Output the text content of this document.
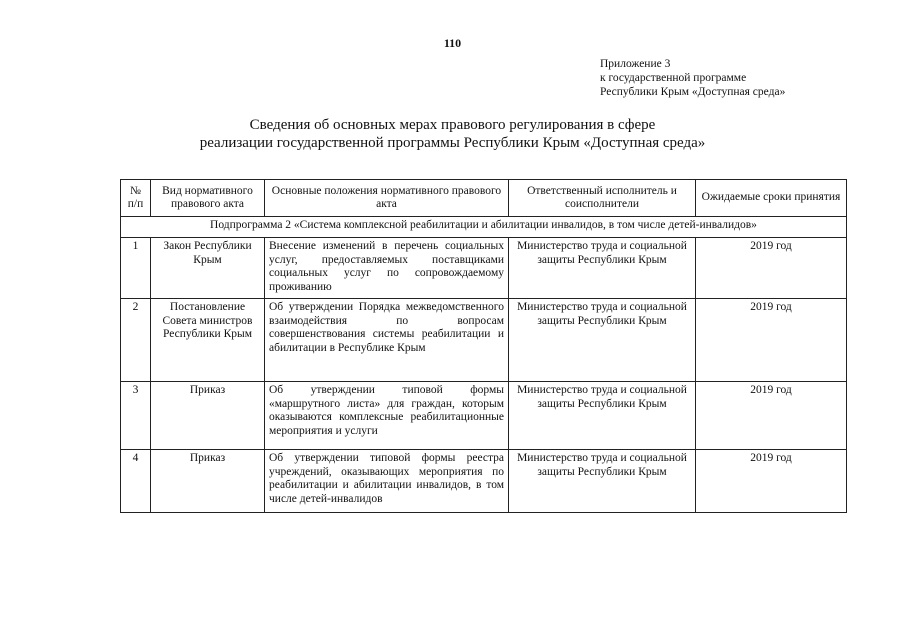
110
Приложение 3
к государственной программе
Республики Крым «Доступная среда»
Сведения об основных мерах правового регулирования в сфере
реализации государственной программы Республики Крым «Доступная среда»
№ п/п	Вид нормативного правового акта	Основные положения нормативного правового акта	Ответственный исполнитель и соисполнители	Ожидаемые сроки принятия
Подпрограмма 2 «Система комплексной реабилитации и абилитации инвалидов, в том числе детей-инвалидов»				
1	Закон Республики Крым	Внесение изменений в перечень социальных услуг, предоставляемых поставщиками социальных услуг по сопровождаемому проживанию	Министерство труда и социальной защиты Республики Крым	2019 год
2	Постановление Совета министров Республики Крым	Об утверждении Порядка межведомственного взаимодействия по вопросам совершенствования системы реабилитации и абилитации в Республике Крым	Министерство труда и социальной защиты Республики Крым	2019 год
3	Приказ	Об утверждении типовой формы «маршрутного листа» для граждан, которым оказываются комплексные реабилитационные мероприятия и услуги	Министерство труда и социальной защиты Республики Крым	2019 год
4	Приказ	Об утверждении типовой формы реестра учреждений, оказывающих мероприятия по реабилитации и абилитации инвалидов, в том числе детей-инвалидов	Министерство труда и социальной защиты Республики Крым	2019 год
